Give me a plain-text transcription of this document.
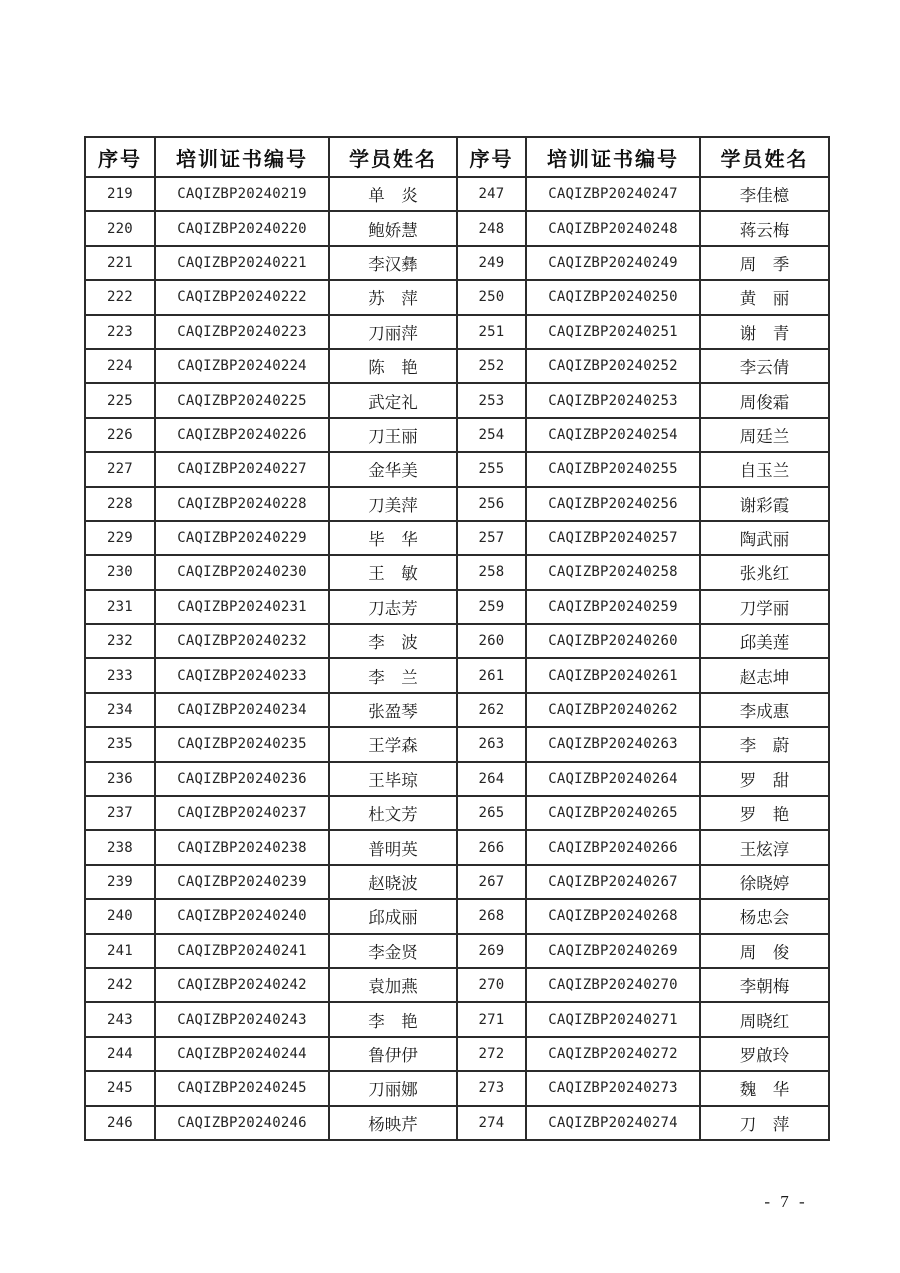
序号	培训证书编号	学员姓名	序号	培训证书编号	学员姓名
219	CAQIZBP20240219	单　炎	247	CAQIZBP20240247	李佳檍
220	CAQIZBP20240220	鲍娇慧	248	CAQIZBP20240248	蒋云梅
221	CAQIZBP20240221	李汉彝	249	CAQIZBP20240249	周　季
222	CAQIZBP20240222	苏　萍	250	CAQIZBP20240250	黄　丽
223	CAQIZBP20240223	刀丽萍	251	CAQIZBP20240251	谢　青
224	CAQIZBP20240224	陈　艳	252	CAQIZBP20240252	李云倩
225	CAQIZBP20240225	武定礼	253	CAQIZBP20240253	周俊霜
226	CAQIZBP20240226	刀王丽	254	CAQIZBP20240254	周廷兰
227	CAQIZBP20240227	金华美	255	CAQIZBP20240255	自玉兰
228	CAQIZBP20240228	刀美萍	256	CAQIZBP20240256	谢彩霞
229	CAQIZBP20240229	毕　华	257	CAQIZBP20240257	陶武丽
230	CAQIZBP20240230	王　敏	258	CAQIZBP20240258	张兆红
231	CAQIZBP20240231	刀志芳	259	CAQIZBP20240259	刀学丽
232	CAQIZBP20240232	李　波	260	CAQIZBP20240260	邱美莲
233	CAQIZBP20240233	李　兰	261	CAQIZBP20240261	赵志坤
234	CAQIZBP20240234	张盈琴	262	CAQIZBP20240262	李成惠
235	CAQIZBP20240235	王学森	263	CAQIZBP20240263	李　蔚
236	CAQIZBP20240236	王毕琼	264	CAQIZBP20240264	罗　甜
237	CAQIZBP20240237	杜文芳	265	CAQIZBP20240265	罗　艳
238	CAQIZBP20240238	普明英	266	CAQIZBP20240266	王炫淳
239	CAQIZBP20240239	赵晓波	267	CAQIZBP20240267	徐晓婷
240	CAQIZBP20240240	邱成丽	268	CAQIZBP20240268	杨忠会
241	CAQIZBP20240241	李金贤	269	CAQIZBP20240269	周　俊
242	CAQIZBP20240242	袁加燕	270	CAQIZBP20240270	李朝梅
243	CAQIZBP20240243	李　艳	271	CAQIZBP20240271	周晓红
244	CAQIZBP20240244	鲁伊伊	272	CAQIZBP20240272	罗啟玲
245	CAQIZBP20240245	刀丽娜	273	CAQIZBP20240273	魏　华
246	CAQIZBP20240246	杨映芹	274	CAQIZBP20240274	刀　萍
- 7 -
